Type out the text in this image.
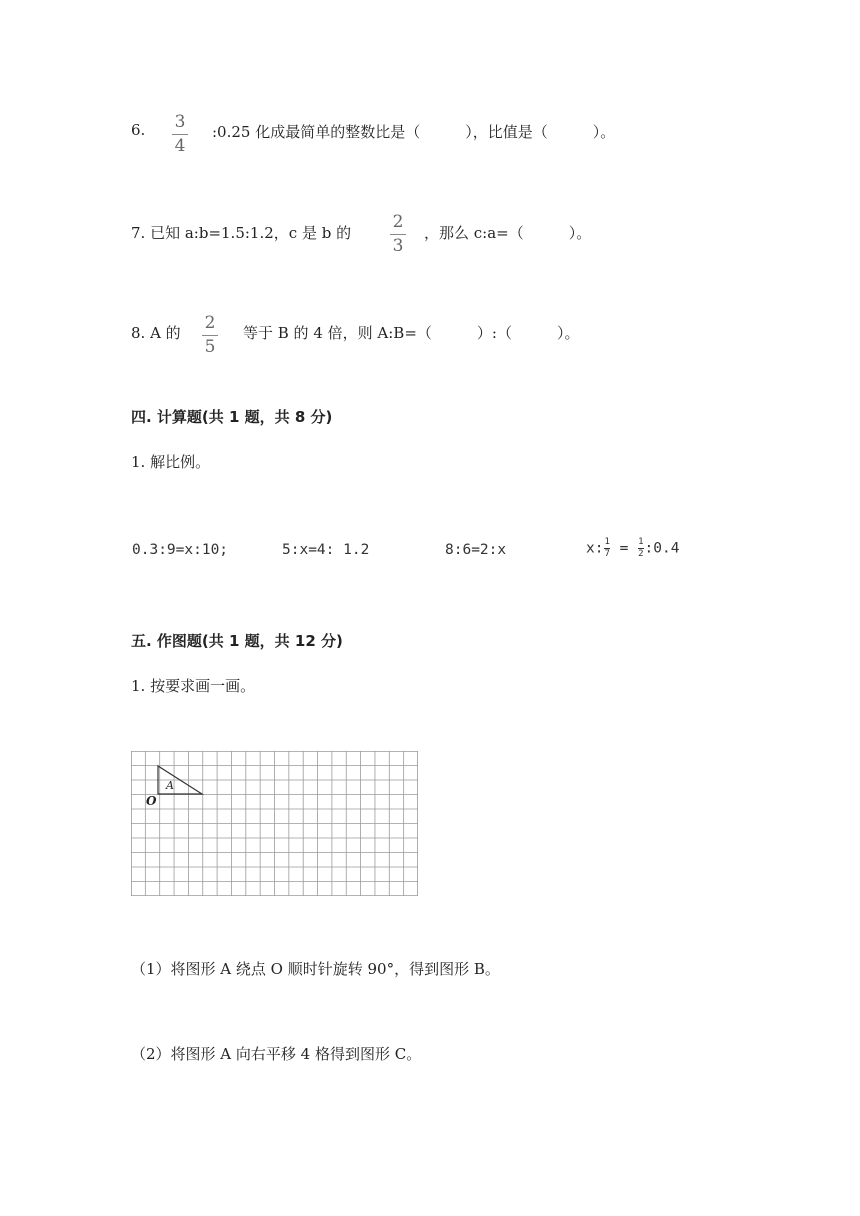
6. 3
4
:0.25 化成最简单的整数比是（　　　），比值是（　　　）。
7. 已知 a:b=1.5:1.2，c 是 b 的
2
3
，那么 c:a=（　　　）。
8. A 的 2
5
等于 B 的 4 倍，则 A:B=（　　　）:（　　　）。
四. 计算题(共 1 题，共 8 分)
1. 解比例。
0.3:9=x:10;	5:x=4: 1.2	8:6=2:x	$x:\frac{1}{7}$ = $\frac{1}{2}:0.4$
五. 作图题(共 1 题，共 12 分)
1. 按要求画一画。
A
O
（1）将图形 A 绕点 O 顺时针旋转 90°，得到图形 B。
（2）将图形 A 向右平移 4 格得到图形 C。
